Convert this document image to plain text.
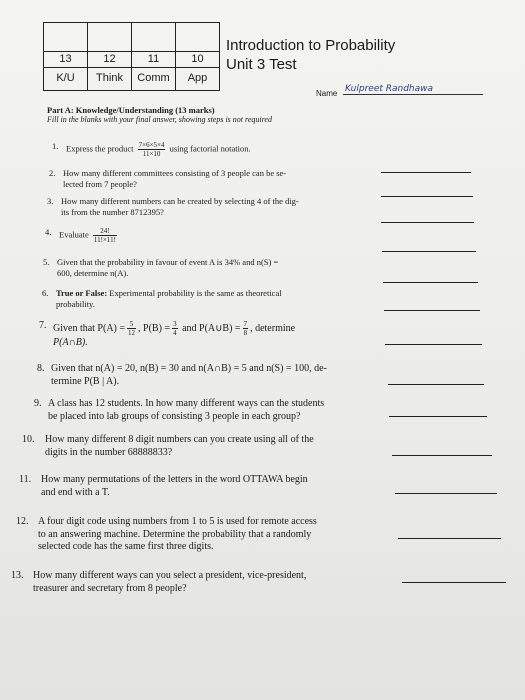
13	12	11	10
K/U	Think	Comm	App
Introduction to Probability
Unit 3 Test
Name Kulpreet Randhawa
Part A: Knowledge/Understanding (13 marks)
Fill in the blanks with your final answer, showing steps is not required
1. Express the product $\frac{7\times 6\times 5\times 4}{11\times 10}$ using factorial notation.
2. How many different committees consisting of 3 people can be se-
lected from 7 people?
3. How many different numbers can be created by selecting 4 of the dig-
its from the number 8712395?
4. Evaluate $\frac{24!}{11!\times 11!}$
5. Given that the probability in favour of event A is 34% and n(S) =
600, determine n(A).
6. True or False: Experimental probability is the same as theoretical
probability.
7. Given that $P(A) = \frac{5}{12}$ , $P(B) = \frac{3}{4}$ and P(A∪B) = $\frac{7}{8}$ , determine
P(A∩B).
8. Given that n(A) = 20, n(B) = 30 and n(A∩B) = 5 and n(S) = 100, de-
termine P(B | A).
9. A class has 12 students. In how many different ways can the students
be placed into lab groups of consisting 3 people in each group?
10. How many different 8 digit numbers can you create using all of the
digits in the number 68888833?
11. How many permutations of the letters in the word OTTAWA begin
and end with a T.
12. A four digit code using numbers from 1 to 5 is used for remote access
to an answering machine. Determine the probability that a randomly
selected code has the same first three digits.
13. How many different ways can you select a president, vice-president,
treasurer and secretary from 8 people?
